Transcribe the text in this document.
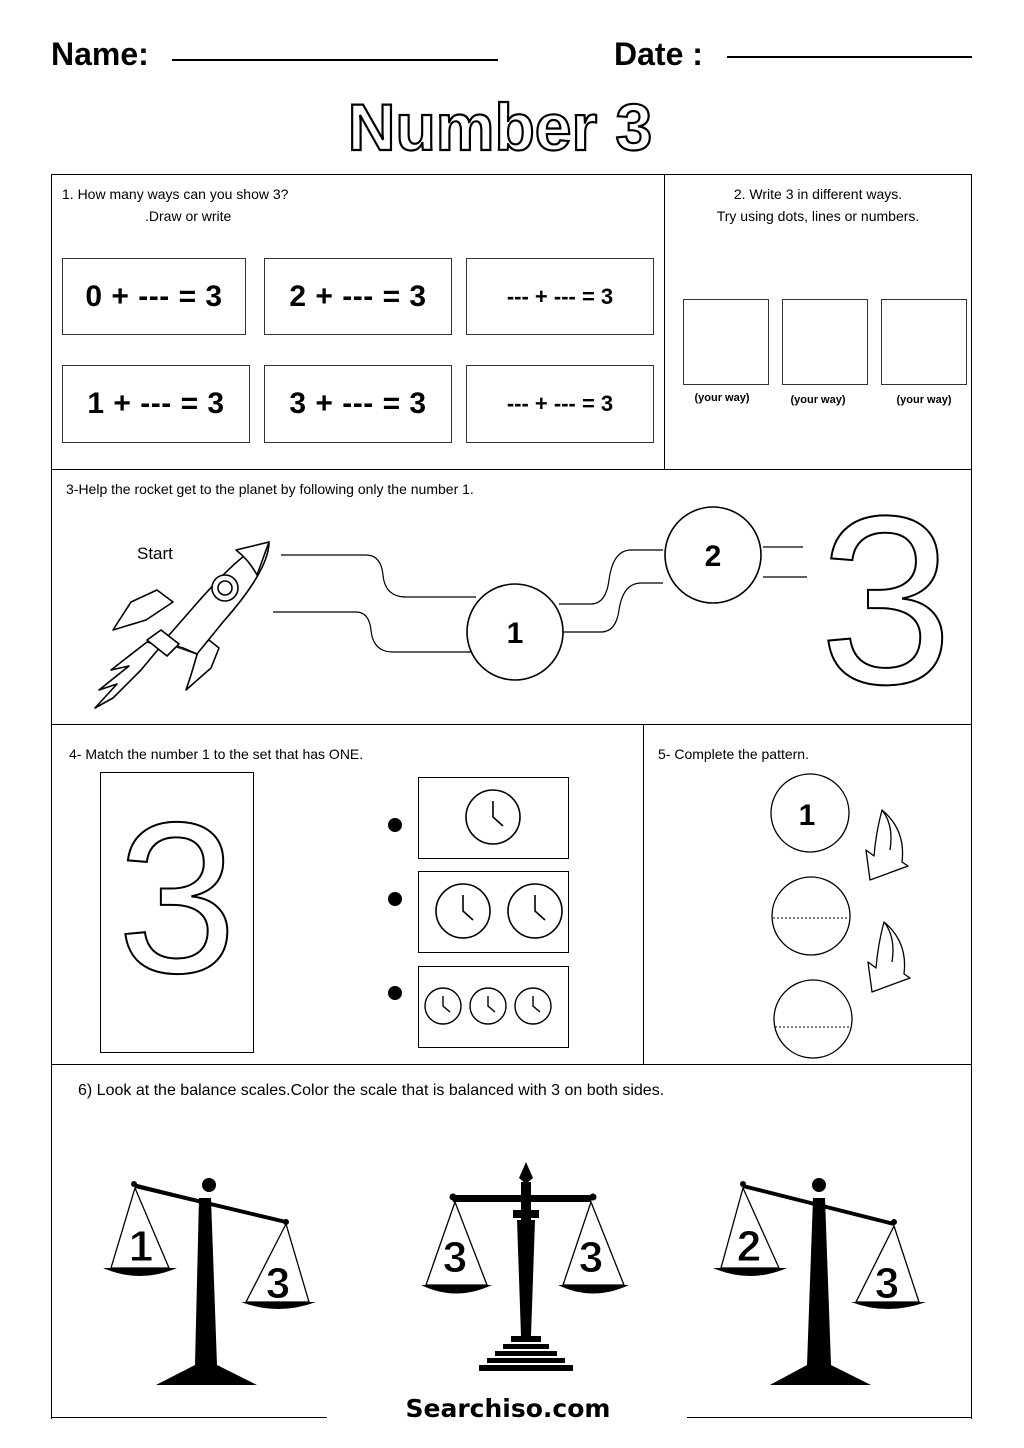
Name:	Date :
Number 3
1. How many ways can you show 3?
.Draw or write
0 + --- = 3	2 + --- = 3	--- + --- = 3
1 + --- = 3	3 + --- = 3	--- + --- = 3
2. Write 3 in different ways.
Try using dots, lines or numbers.
(your way)	(your way)	(your way)
3-Help the rocket get to the planet by following only the number 1.
Start
1
2 3
4- Match the number 1 to the set that has ONE.
3
5- Complete the pattern.
1
6) Look at the balance scales.Color the scale that is balanced with 3 on both sides.
1
3
3	3	2
3
Searchiso.com
